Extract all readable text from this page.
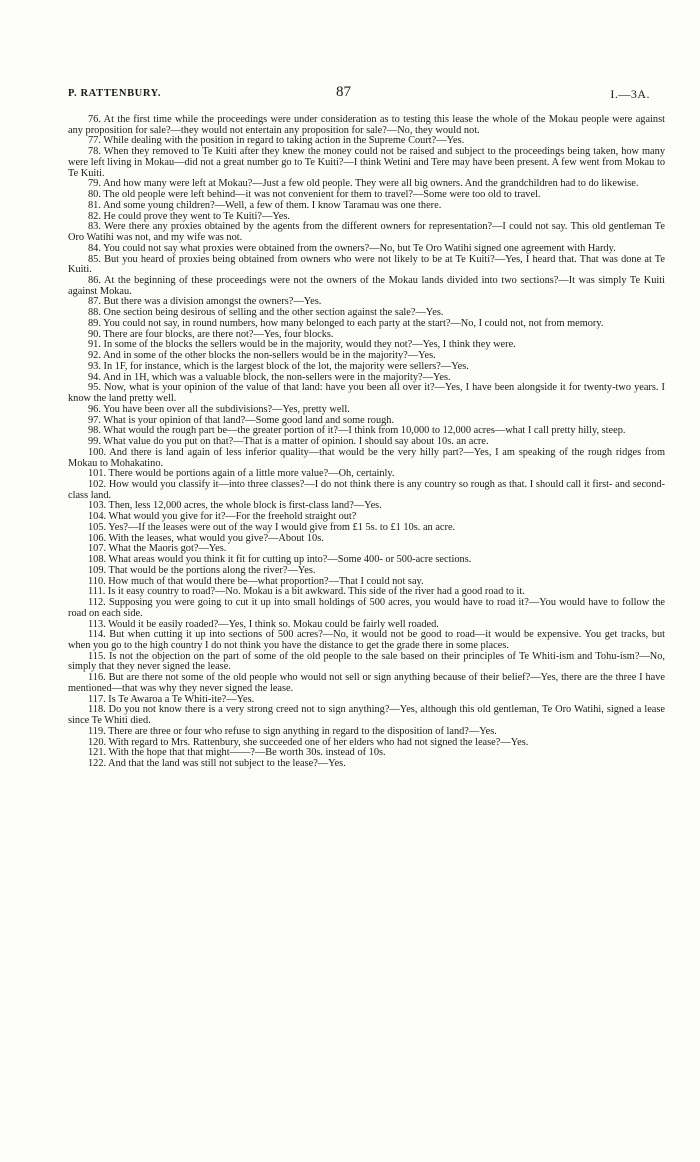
P. RATTENBURY.	87	I.—3A.

76. At the first time while the proceedings were under consideration as to testing this lease the whole of the Mokau people were against any proposition for sale?—they would not entertain any proposition for sale?—No, they would not.

77. While dealing with the position in regard to taking action in the Supreme Court?—Yes.

78. When they removed to Te Kuiti after they knew the money could not be raised and subject to the proceedings being taken, how many were left living in Mokau—did not a great number go to Te Kuiti?—I think Wetini and Tere may have been present. A few went from Mokau to Te Kuiti.

79. And how many were left at Mokau?—Just a few old people. They were all big owners. And the grandchildren had to do likewise.

80. The old people were left behind—it was not convenient for them to travel?—Some were too old to travel.

81. And some young children?—Well, a few of them. I know Taramau was one there.

82. He could prove they went to Te Kuiti?—Yes.

83. Were there any proxies obtained by the agents from the different owners for representation?—I could not say. This old gentleman Te Oro Watihi was not, and my wife was not.

84. You could not say what proxies were obtained from the owners?—No, but Te Oro Watihi signed one agreement with Hardy.

85. But you heard of proxies being obtained from owners who were not likely to be at Te Kuiti?—Yes, I heard that. That was done at Te Kuiti.

86. At the beginning of these proceedings were not the owners of the Mokau lands divided into two sections?—It was simply Te Kuiti against Mokau.

87. But there was a division amongst the owners?—Yes.

88. One section being desirous of selling and the other section against the sale?—Yes.

89. You could not say, in round numbers, how many belonged to each party at the start?—No, I could not, not from memory.

90. There are four blocks, are there not?—Yes, four blocks.

91. In some of the blocks the sellers would be in the majority, would they not?—Yes, I think they were.

92. And in some of the other blocks the non-sellers would be in the majority?—Yes.

93. In 1F, for instance, which is the largest block of the lot, the majority were sellers?—Yes.

94. And in 1H, which was a valuable block, the non-sellers were in the majority?—Yes.

95. Now, what is your opinion of the value of that land: have you been all over it?—Yes, I have been alongside it for twenty-two years. I know the land pretty well.

96. You have been over all the subdivisions?—Yes, pretty well.

97. What is your opinion of that land?—Some good land and some rough.

98. What would the rough part be—the greater portion of it?—I think from 10,000 to 12,000 acres—what I call pretty hilly, steep.

99. What value do you put on that?—That is a matter of opinion. I should say about 10s. an acre.

100. And there is land again of less inferior quality—that would be the very hilly part?—Yes, I am speaking of the rough ridges from Mokau to Mohakatino.

101. There would be portions again of a little more value?—Oh, certainly.

102. How would you classify it—into three classes?—I do not think there is any country so rough as that. I should call it first- and second-class land.

103. Then, less 12,000 acres, the whole block is first-class land?—Yes.

104. What would you give for it?—For the freehold straight out?

105. Yes?—If the leases were out of the way I would give from £1 5s. to £1 10s. an acre.

106. With the leases, what would you give?—About 10s.

107. What the Maoris got?—Yes.

108. What areas would you think it fit for cutting up into?—Some 400- or 500-acre sections.

109. That would be the portions along the river?—Yes.

110. How much of that would there be—what proportion?—That I could not say.

111. Is it easy country to road?—No. Mokau is a bit awkward. This side of the river had a good road to it.

112. Supposing you were going to cut it up into small holdings of 500 acres, you would have to road it?—You would have to follow the road on each side.

113. Would it be easily roaded?—Yes, I think so. Mokau could be fairly well roaded.

114. But when cutting it up into sections of 500 acres?—No, it would not be good to road—it would be expensive. You get tracks, but when you go to the high country I do not think you have the distance to get the grade there in some places.

115. Is not the objection on the part of some of the old people to the sale based on their principles of Te Whiti-ism and Tohu-ism?—No, simply that they never signed the lease.

116. But are there not some of the old people who would not sell or sign anything because of their belief?—Yes, there are the three I have mentioned—that was why they never signed the lease.

117. Is Te Awaroa a Te Whiti-ite?—Yes.

118. Do you not know there is a very strong creed not to sign anything?—Yes, although this old gentleman, Te Oro Watihi, signed a lease since Te Whiti died.

119. There are three or four who refuse to sign anything in regard to the disposition of land?—Yes.

120. With regard to Mrs. Rattenbury, she succeeded one of her elders who had not signed the lease?—Yes.

121. With the hope that that might——?—Be worth 30s. instead of 10s.

122. And that the land was still not subject to the lease?—Yes.
